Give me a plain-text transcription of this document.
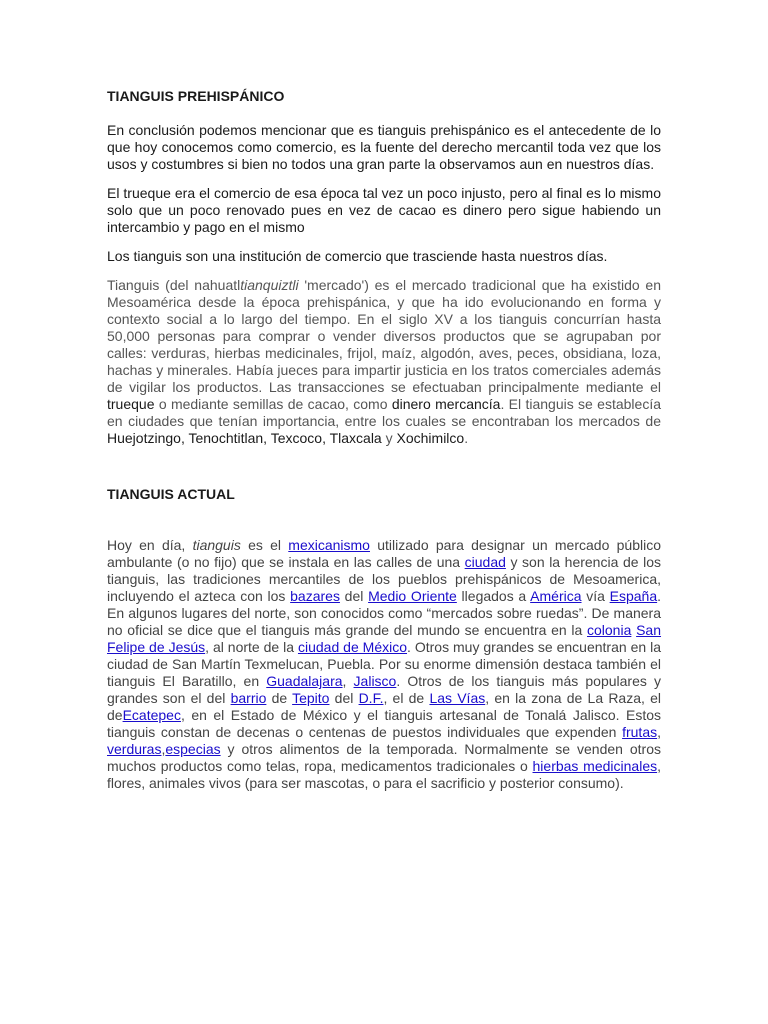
TIANGUIS PREHISPÁNICO

En conclusión podemos mencionar que es tianguis prehispánico es el antecedente de lo que hoy conocemos como comercio, es la fuente del derecho mercantil toda vez que los usos y costumbres si bien no todos una gran parte la observamos aun en nuestros días.

El trueque era el comercio de esa época tal vez un poco injusto, pero al final es lo mismo solo que un poco renovado pues en vez de cacao es dinero pero sigue habiendo un intercambio y pago en el mismo

Los tianguis son una institución de comercio que trasciende hasta nuestros días.

Tianguis (del nahuatltianquiztli 'mercado') es el mercado tradicional que ha existido en Mesoamérica desde la época prehispánica, y que ha ido evolucionando en forma y contexto social a lo largo del tiempo. En el siglo XV a los tianguis concurrían hasta 50,000 personas para comprar o vender diversos productos que se agrupaban por calles: verduras, hierbas medicinales, frijol, maíz, algodón, aves, peces, obsidiana, loza, hachas y minerales. Había jueces para impartir justicia en los tratos comerciales además de vigilar los productos. Las transacciones se efectuaban principalmente mediante el trueque o mediante semillas de cacao, como dinero mercancía. El tianguis se establecía en ciudades que tenían importancia, entre los cuales se encontraban los mercados de Huejotzingo, Tenochtitlan, Texcoco, Tlaxcala y Xochimilco.

TIANGUIS ACTUAL

Hoy en día, tianguis es el mexicanismo utilizado para designar un mercado público ambulante (o no fijo) que se instala en las calles de una ciudad y son la herencia de los tianguis, las tradiciones mercantiles de los pueblos prehispánicos de Mesoamerica, incluyendo el azteca con los bazares del Medio Oriente llegados a América vía España. En algunos lugares del norte, son conocidos como “mercados sobre ruedas”. De manera no oficial se dice que el tianguis más grande del mundo se encuentra en la colonia San Felipe de Jesús, al norte de la ciudad de México. Otros muy grandes se encuentran en la ciudad de San Martín Texmelucan, Puebla. Por su enorme dimensión destaca también el tianguis El Baratillo, en Guadalajara, Jalisco. Otros de los tianguis más populares y grandes son el del barrio de Tepito del D.F., el de Las Vías, en la zona de La Raza, el deEcatepec, en el Estado de México y el tianguis artesanal de Tonalá Jalisco. Estos tianguis constan de decenas o centenas de puestos individuales que expenden frutas, verduras,especias y otros alimentos de la temporada. Normalmente se venden otros muchos productos como telas, ropa, medicamentos tradicionales o hierbas medicinales, flores, animales vivos (para ser mascotas, o para el sacrificio y posterior consumo).
